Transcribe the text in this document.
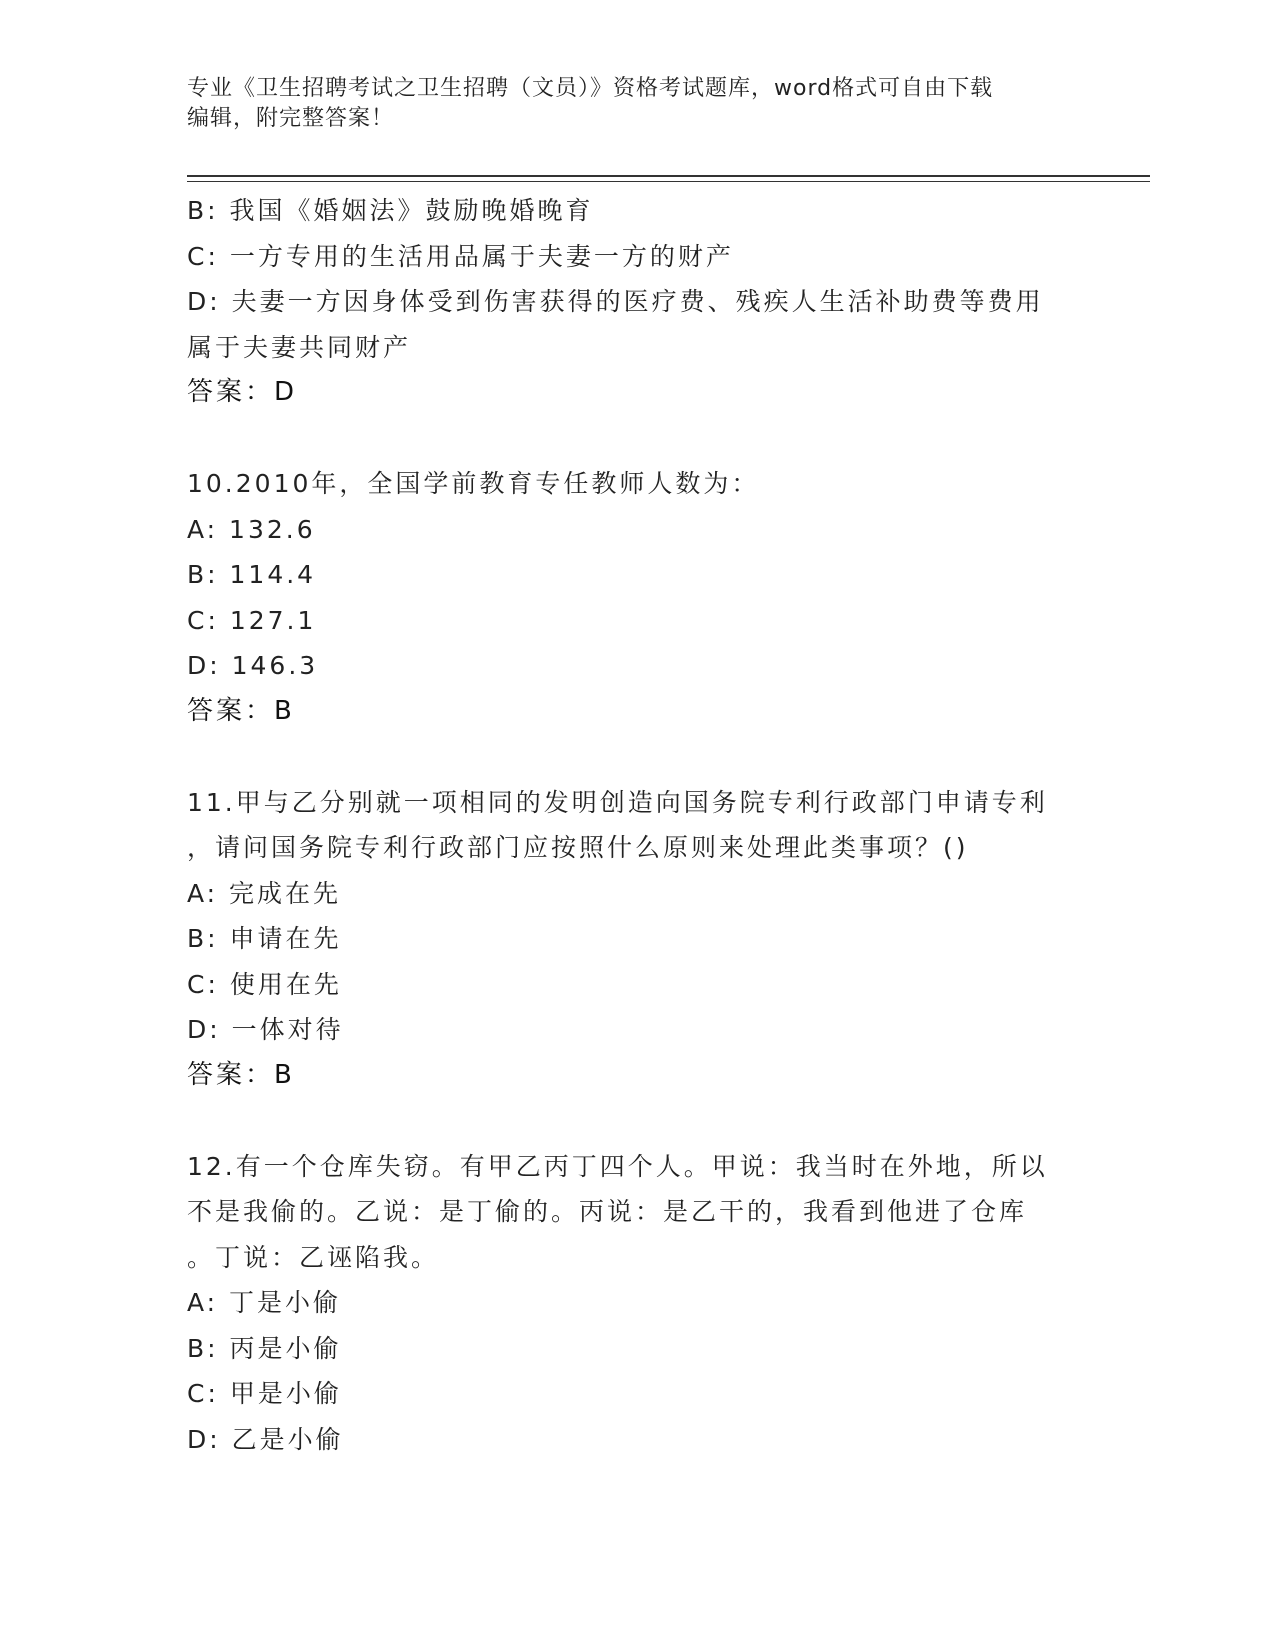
专业《卫生招聘考试之卫生招聘（文员）》资格考试题库，word格式可自由下载
编辑，附完整答案！
B: 我国《婚姻法》鼓励晚婚晚育
C: 一方专用的生活用品属于夫妻一方的财产
D: 夫妻一方因身体受到伤害获得的医疗费、残疾人生活补助费等费用
属于夫妻共同财产
答案：D
10.2010年，全国学前教育专任教师人数为：
A: 132.6
B: 114.4
C: 127.1
D: 146.3
答案：B
11.甲与乙分别就一项相同的发明创造向国务院专利行政部门申请专利
，请问国务院专利行政部门应按照什么原则来处理此类事项？()
A: 完成在先
B: 申请在先
C: 使用在先
D: 一体对待
答案：B
12.有一个仓库失窃。有甲乙丙丁四个人。甲说：我当时在外地，所以
不是我偷的。乙说：是丁偷的。丙说：是乙干的，我看到他进了仓库
。丁说：乙诬陷我。
A: 丁是小偷
B: 丙是小偷
C: 甲是小偷
D: 乙是小偷
